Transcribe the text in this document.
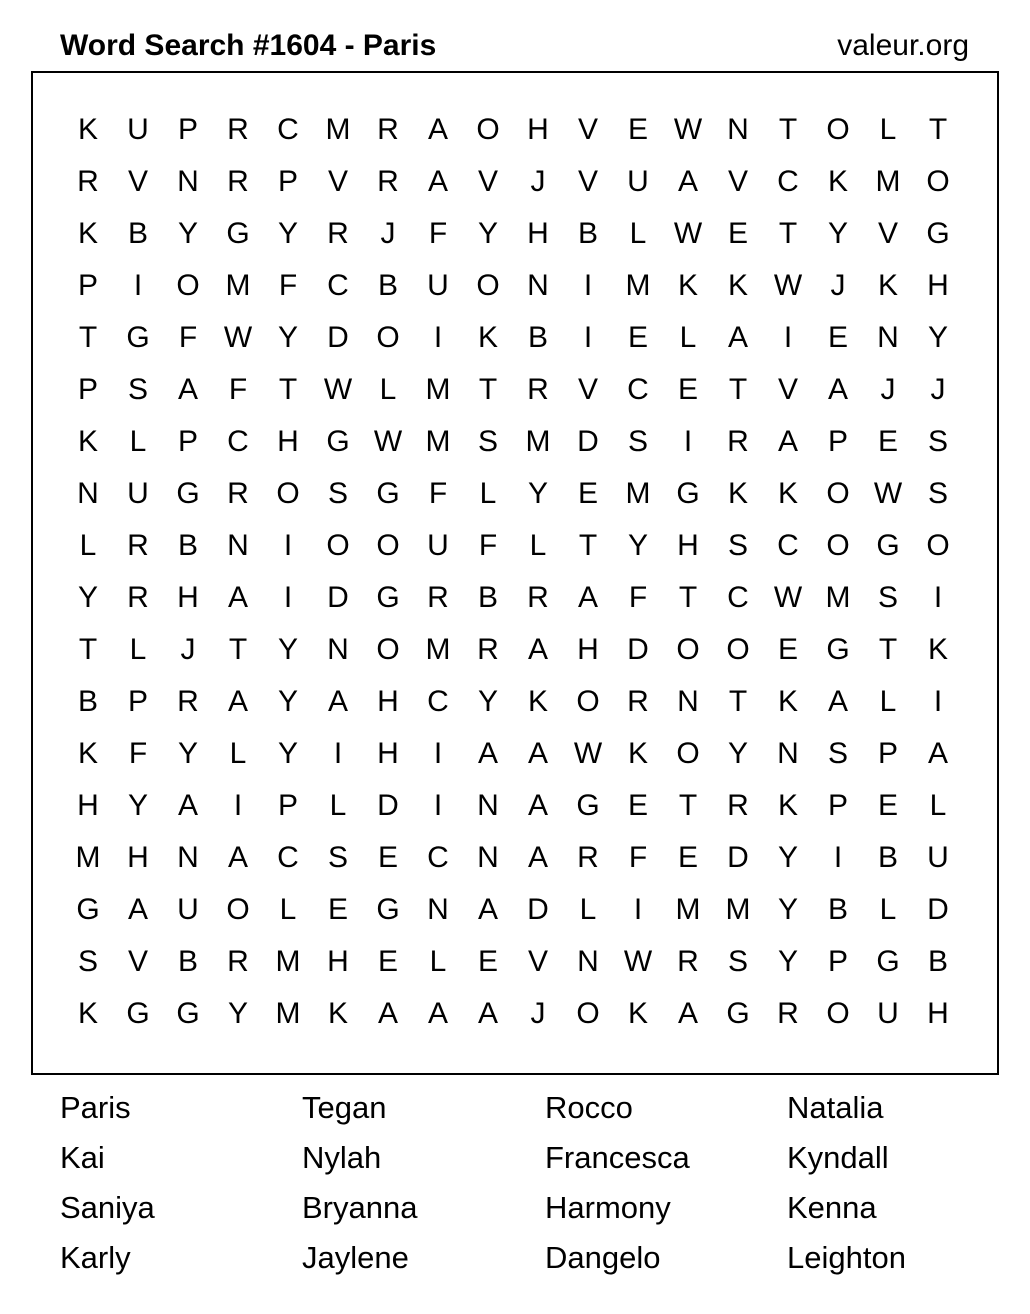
Word Search #1604 - Paris	valeur.org
K U P R C M R A O H V E W N	T O L	T
R V N R P V R A V	J	V U A V C K M O
K B Y G Y R	J	F	Y H B	L W E	T	Y V G
P	I	O M F	C B U O N	I	M K K W J	K H
T G F W Y D O	I	K B	I	E	L	A	I	E N Y
P S A	F	T W L M T	R V C E	T	V A	J	J
K	L	P C H G W M S M D S	I	R A P E S
N U G R O S G F	L	Y E M G K K O W S
L	R B N	I	O O U	F	L	T	Y H S C O G O
Y R H A	I	D G R B R A	F	T	C W M S	I
T	L	J	T	Y N O M R A H D O O E G T	K
B P R A Y A H C Y K O R N	T	K A	L	I
K	F	Y	L	Y	I	H	I	A A W K O Y N S P A
H Y A	I	P	L	D	I	N A G E	T	R K P E	L
M H N A C S E C N A R	F	E D Y	I	B U
G A U O L	E G N A D	L	I	M M Y B	L	D
S V B R M H E	L	E V N W R S Y P G B
K G G Y M K A A A	J	O K A G R O U H
Paris	Tegan	Rocco	Natalia
Kai	Nylah	Francesca	Kyndall
Saniya	Bryanna	Harmony	Kenna
Karly	Jaylene	Dangelo	Leighton
